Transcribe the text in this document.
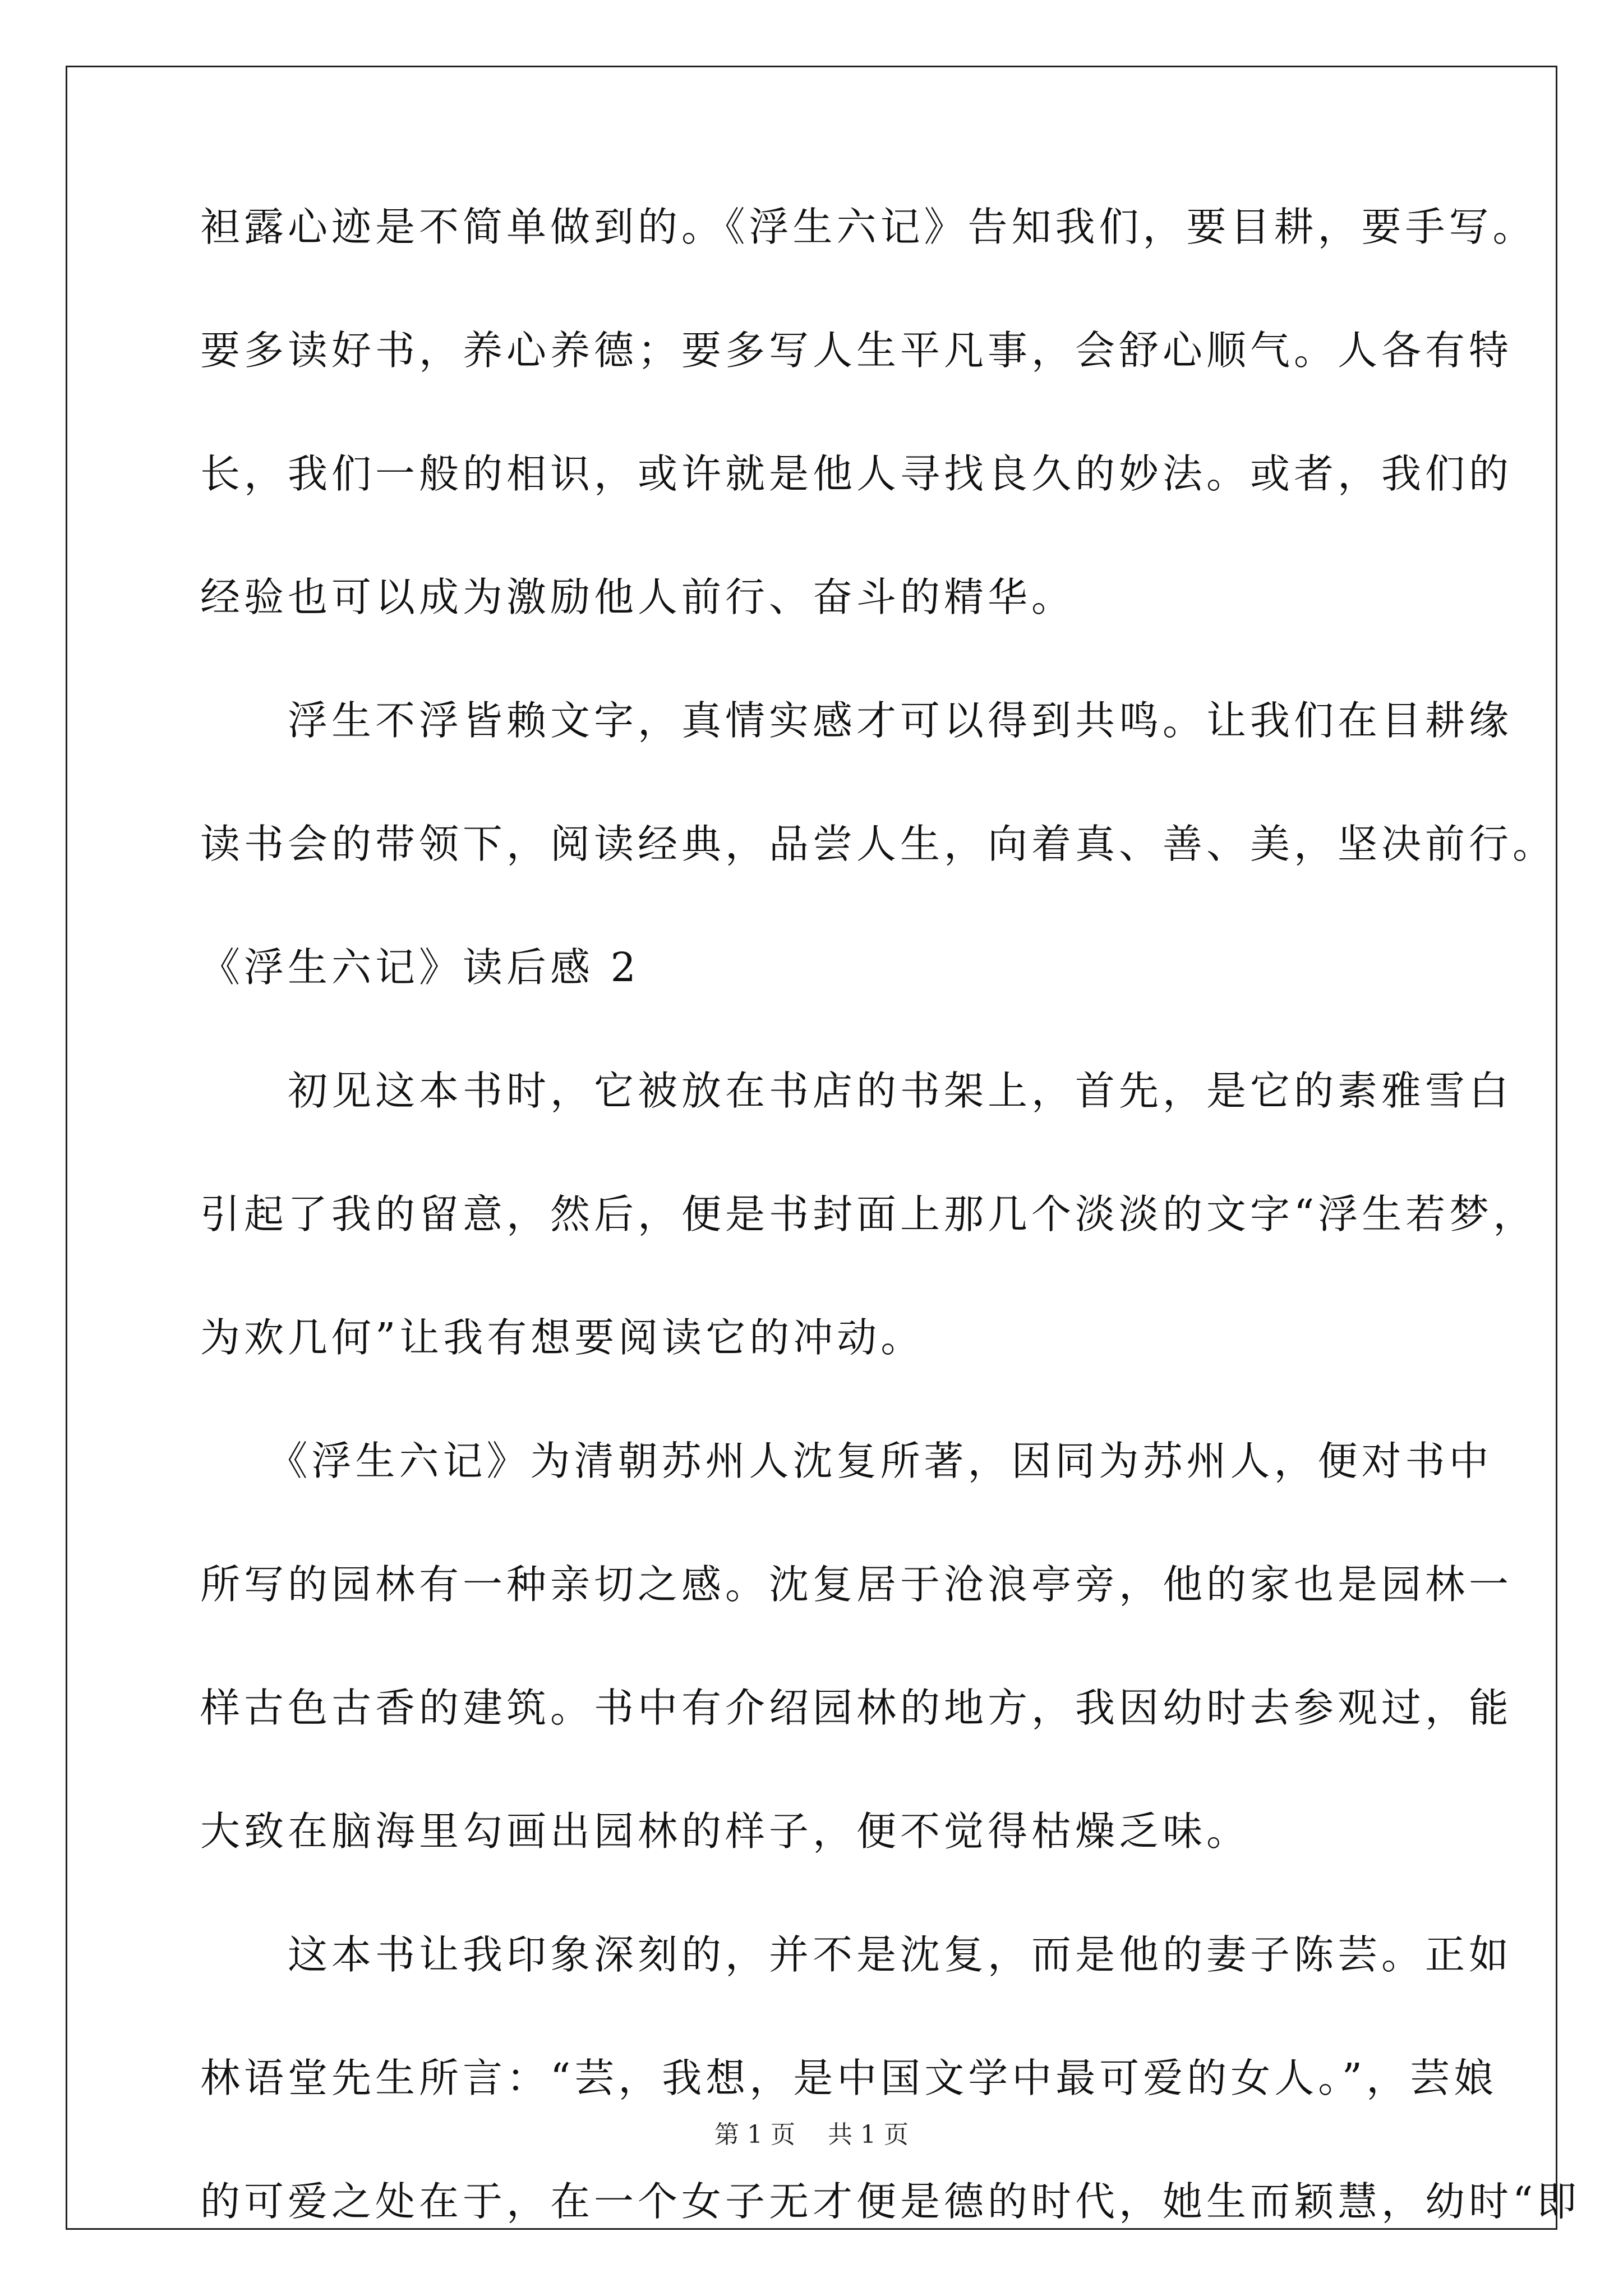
袒露心迹是不简单做到的。《浮生六记》告知我们，要目耕，要手写。
要多读好书，养心养德；要多写人生平凡事，会舒心顺气。人各有特
长，我们一般的相识，或许就是他人寻找良久的妙法。或者，我们的
经验也可以成为激励他人前行、奋斗的精华。
　　浮生不浮皆赖文字，真情实感才可以得到共鸣。让我们在目耕缘
读书会的带领下，阅读经典，品尝人生，向着真、善、美，坚决前行。
《浮生六记》读后感 2
　　初见这本书时，它被放在书店的书架上，首先，是它的素雅雪白
引起了我的留意，然后，便是书封面上那几个淡淡的文字“浮生若梦，
为欢几何”让我有想要阅读它的冲动。
　　《浮生六记》为清朝苏州人沈复所著，因同为苏州人，便对书中
所写的园林有一种亲切之感。沈复居于沧浪亭旁，他的家也是园林一
样古色古香的建筑。书中有介绍园林的地方，我因幼时去参观过，能
大致在脑海里勾画出园林的样子，便不觉得枯燥乏味。
　　这本书让我印象深刻的，并不是沈复，而是他的妻子陈芸。正如
林语堂先生所言：“芸，我想，是中国文学中最可爱的女人。”，芸娘
的可爱之处在于，在一个女子无才便是德的时代，她生而颖慧，幼时“即
第 1 页 共 1 页
